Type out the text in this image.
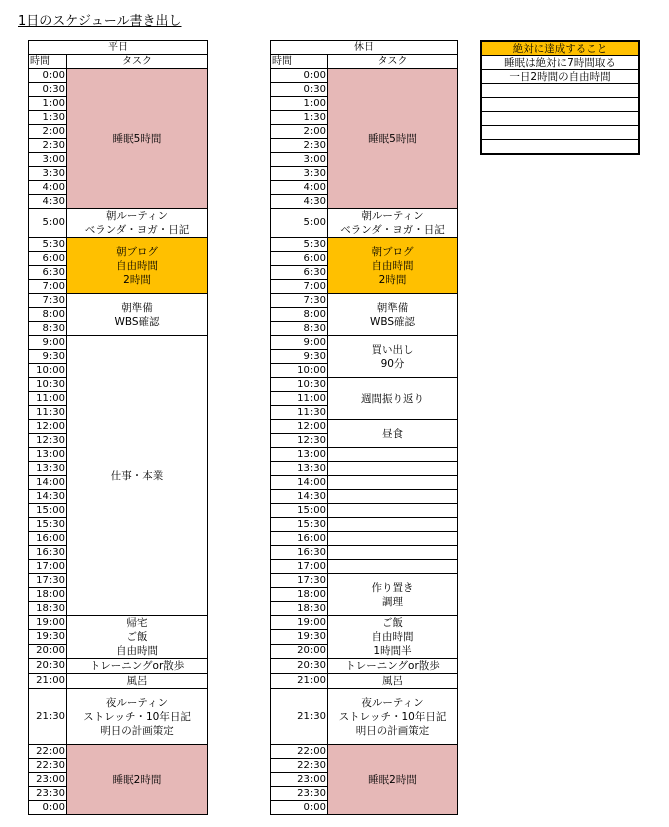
1日のスケジュール書き出し
平日	
時間	タスク
0:00	睡眠5時間

0:30	
1:00	
1:30	
2:00	
2:30	
3:00	
3:30	
4:00	
4:30	
5:00	朝ルーティン
ベランダ・ヨガ・日記

5:30	朝ブログ
自由時間
2時間

6:00	
6:30	
7:00	
7:30	朝準備
WBS確認

8:00	
8:30	
9:00	仕事・本業

9:30	
10:00	
10:30	
11:00	
11:30	
12:00	
12:30	
13:00	
13:30	
14:00	
14:30	
15:00	
15:30	
16:00	
16:30	
17:00	
17:30	
18:00	
18:30	
19:00	帰宅
ご飯
自由時間

19:30	
20:00	
20:30	トレーニングor散歩

21:00	風呂

21:30	夜ルーティン
ストレッチ・10年日記
明日の計画策定

22:00	睡眠2時間

22:30	
23:00	
23:30	
0:00	
休日	
時間	タスク
0:00	睡眠5時間

0:30	
1:00	
1:30	
2:00	
2:30	
3:00	
3:30	
4:00	
4:30	
5:00	朝ルーティン
ベランダ・ヨガ・日記

5:30	朝ブログ
自由時間
2時間

6:00	
6:30	
7:00	
7:30	朝準備
WBS確認

8:00	
8:30	
9:00	買い出し
90分

9:30	
10:00	
10:30	週間振り返り

11:00	
11:30	
12:00	昼食

12:30	
13:00	

13:30	

14:00	

14:30	

15:00	

15:30	

16:00	

16:30	

17:00	

17:30	作り置き
調理

18:00	
18:30	
19:00	ご飯
自由時間
1時間半

19:30	
20:00	
20:30	トレーニングor散歩

21:00	風呂

21:30	夜ルーティン
ストレッチ・10年日記
明日の計画策定

22:00	睡眠2時間

22:30	
23:00	
23:30	
0:00	
絶対に達成すること
睡眠は絶対に7時間取る
一日2時間の自由時間
